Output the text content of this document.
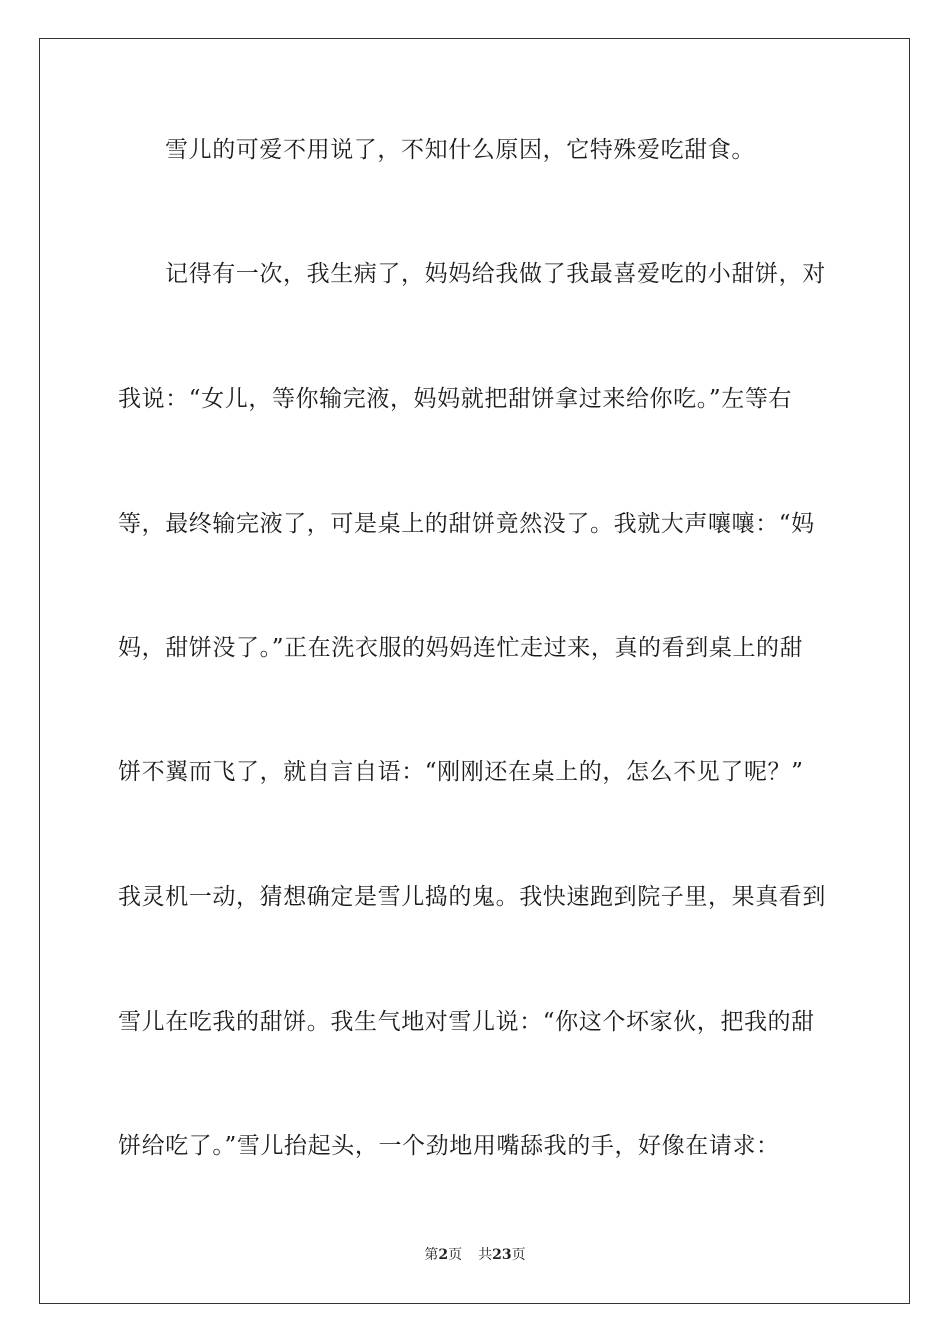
雪儿的可爱不用说了，不知什么原因，它特殊爱吃甜食。
记得有一次，我生病了，妈妈给我做了我最喜爱吃的小甜饼，对
我说：“女儿，等你输完液，妈妈就把甜饼拿过来给你吃。”左等右
等，最终输完液了，可是桌上的甜饼竟然没了。我就大声嚷嚷：“妈
妈，甜饼没了。”正在洗衣服的妈妈连忙走过来，真的看到桌上的甜
饼不翼而飞了，就自言自语：“刚刚还在桌上的，怎么不见了呢？”
我灵机一动，猜想确定是雪儿捣的鬼。我快速跑到院子里，果真看到
雪儿在吃我的甜饼。我生气地对雪儿说：“你这个坏家伙，把我的甜
饼给吃了。”雪儿抬起头，一个劲地用嘴舔我的手，好像在请求：
第2页 共23页
